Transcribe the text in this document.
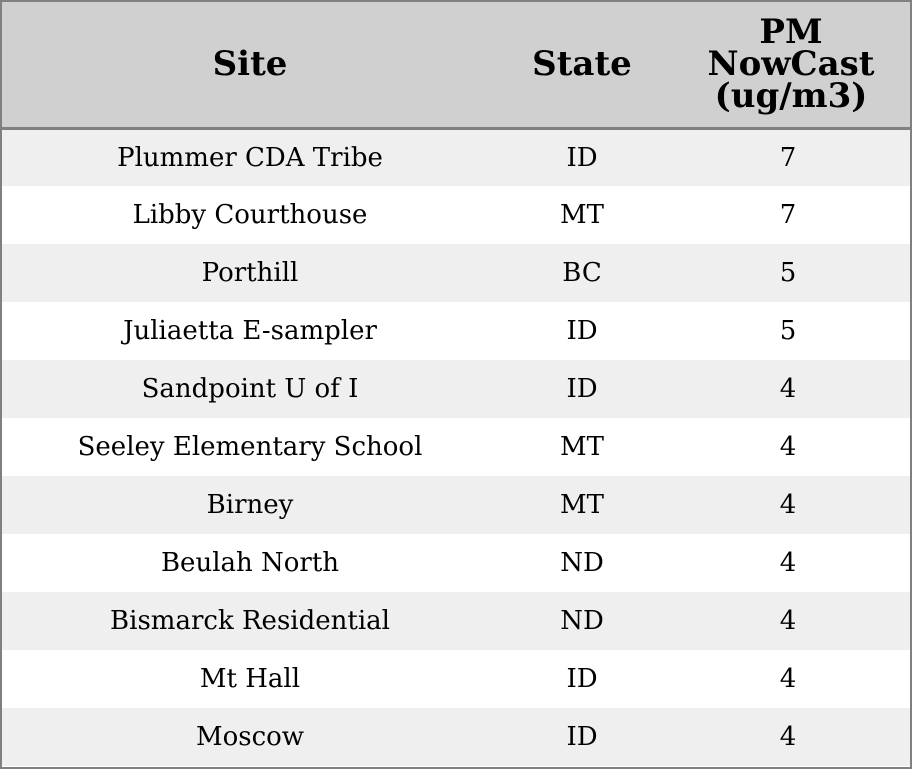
Site	State	PM
NowCast
(ug/m3)
Plummer CDA Tribe	ID	7
Libby Courthouse	MT	7
Porthill	BC	5
Juliaetta E-sampler	ID	5
Sandpoint U of I	ID	4
Seeley Elementary School	MT	4
Birney	MT	4
Beulah North	ND	4
Bismarck Residential	ND	4
Mt Hall	ID	4
Moscow	ID	4
